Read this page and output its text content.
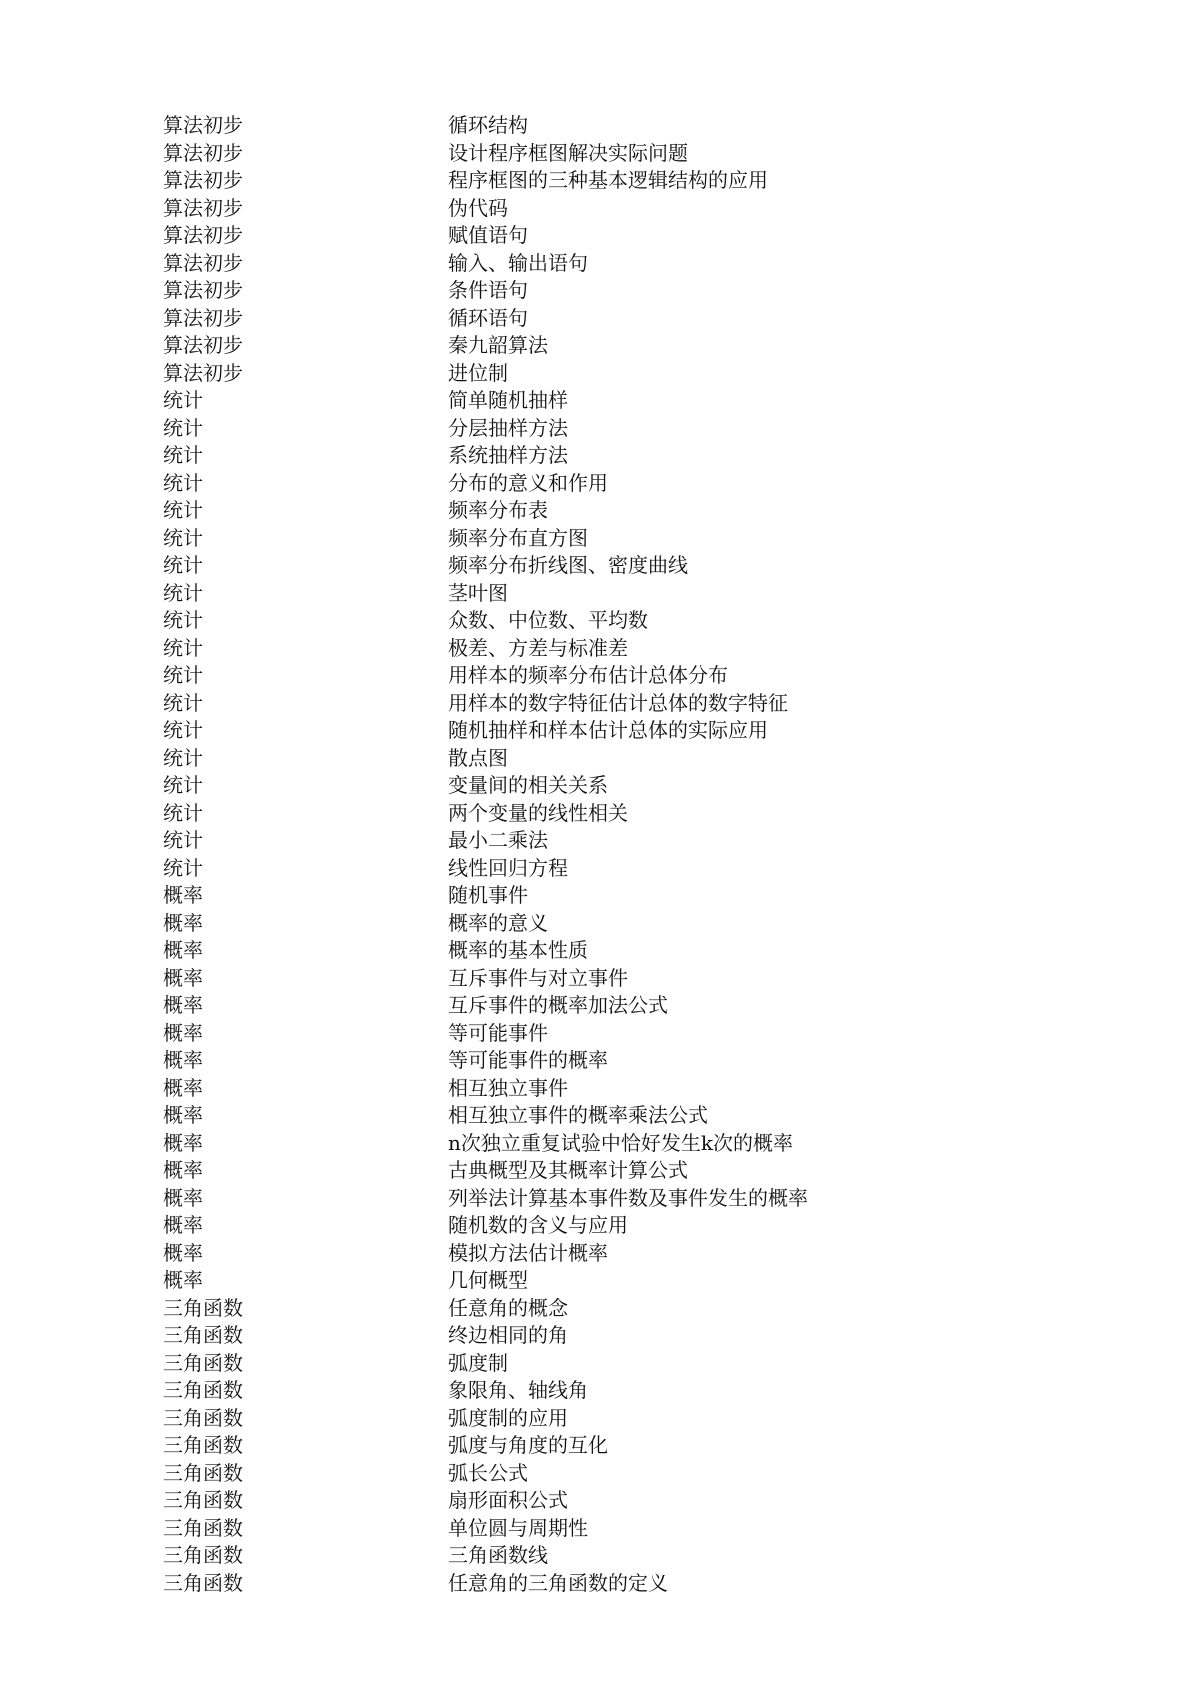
算法初步	循环结构
算法初步	设计程序框图解决实际问题
算法初步	程序框图的三种基本逻辑结构的应用
算法初步	伪代码
算法初步	赋值语句
算法初步	输入、输出语句
算法初步	条件语句
算法初步	循环语句
算法初步	秦九韶算法
算法初步	进位制
统计	简单随机抽样
统计	分层抽样方法
统计	系统抽样方法
统计	分布的意义和作用
统计	频率分布表
统计	频率分布直方图
统计	频率分布折线图、密度曲线
统计	茎叶图
统计	众数、中位数、平均数
统计	极差、方差与标准差
统计	用样本的频率分布估计总体分布
统计	用样本的数字特征估计总体的数字特征
统计	随机抽样和样本估计总体的实际应用
统计	散点图
统计	变量间的相关关系
统计	两个变量的线性相关
统计	最小二乘法
统计	线性回归方程
概率	随机事件
概率	概率的意义
概率	概率的基本性质
概率	互斥事件与对立事件
概率	互斥事件的概率加法公式
概率	等可能事件
概率	等可能事件的概率
概率	相互独立事件
概率	相互独立事件的概率乘法公式
概率	n次独立重复试验中恰好发生k次的概率
概率	古典概型及其概率计算公式
概率	列举法计算基本事件数及事件发生的概率
概率	随机数的含义与应用
概率	模拟方法估计概率
概率	几何概型
三角函数	任意角的概念
三角函数	终边相同的角
三角函数	弧度制
三角函数	象限角、轴线角
三角函数	弧度制的应用
三角函数	弧度与角度的互化
三角函数	弧长公式
三角函数	扇形面积公式
三角函数	单位圆与周期性
三角函数	三角函数线
三角函数	任意角的三角函数的定义
